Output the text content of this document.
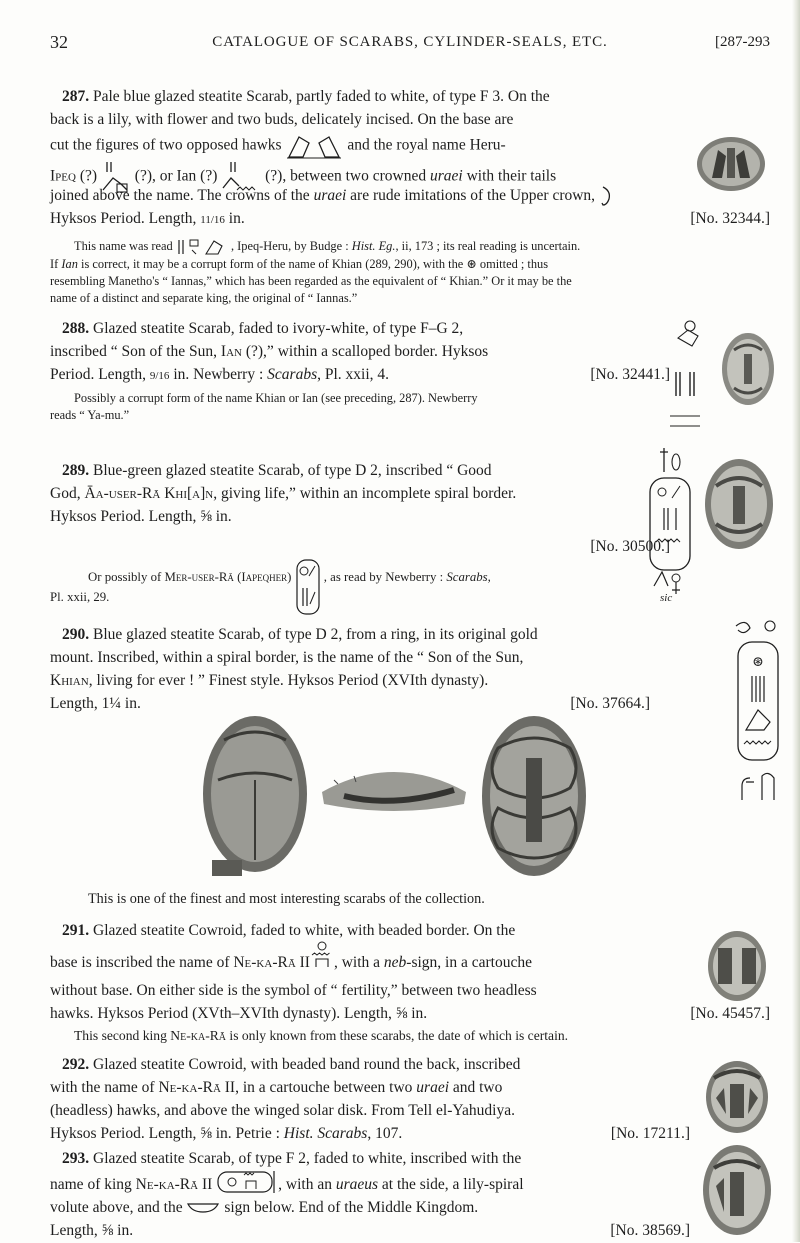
32	CATALOGUE OF SCARABS, CYLINDER-SEALS, ETC.	[287-293
287. Pale blue glazed steatite Scarab, partly faded to white, of type F 3. On the
back is a lily, with flower and two buds, delicately incised. On the base are
cut the figures of two opposed hawks	and the royal name Heru-
Ipeq (?) (?), or Ian (?)	(?), between two crowned uraei with their tails
joined above the name. The crowns of the uraei are rude imitations of the Upper crown,
Hyksos Period. Length, 11/16 in.	[No. 32344.]
This name was read	, Ipeq-Heru, by Budge : Hist. Eg., ii, 173 ; its real reading is uncertain.
If Ian is correct, it may be a corrupt form of the name of Khian (289, 290), with the ⊛ omitted ; thus
resembling Manetho's “ Iannas,” which has been regarded as the equivalent of “ Khian.” Or it may be the
name of a distinct and separate king, the original of “ Iannas.”
288. Glazed steatite Scarab, faded to ivory-white, of type F–G 2,
inscribed “ Son of the Sun, Ian (?),” within a scalloped border. Hyksos
Period. Length, 9/16 in. Newberry : Scarabs, Pl. xxii, 4.	[No. 32441.]
Possibly a corrupt form of the name Khian or Ian (see preceding, 287). Newberry
reads “ Ya-mu.”
289. Blue-green glazed steatite Scarab, of type D 2, inscribed “ Good
God, Āa-user-Rā Khi[a]n, giving life,” within an incomplete spiral border.
Hyksos Period. Length, ⅝ in.
[No. 30500.]
Or possibly of Mer-user-Rā (Iapeqher)	, as read by Newberry : Scarabs,
Pl. xxii, 29.	sic
290. Blue glazed steatite Scarab, of type D 2, from a ring, in its original gold
mount. Inscribed, within a spiral border, is the name of the “ Son of the Sun,
Khian, living for ever ! ” Finest style. Hyksos Period (XVIth dynasty).
Length, 1¼ in.	[No. 37664.]
⊛
This is one of the finest and most interesting scarabs of the collection.
291. Glazed steatite Cowroid, faded to white, with beaded border. On the
base is inscribed the name of Ne-ka-Rā II , with a neb-sign, in a cartouche
without base. On either side is the symbol of “ fertility,” between two headless
hawks. Hyksos Period (XVth–XVIth dynasty). Length, ⅝ in.	[No. 45457.]
This second king Ne-ka-Rā is only known from these scarabs, the date of which is certain.
292. Glazed steatite Cowroid, with beaded band round the back, inscribed
with the name of Ne-ka-Rā II, in a cartouche between two uraei and two
(headless) hawks, and above the winged solar disk. From Tell el-Yahudiya.
Hyksos Period. Length, ⅝ in. Petrie : Hist. Scarabs, 107.	[No. 17211.]
293. Glazed steatite Scarab, of type F 2, faded to white, inscribed with the
name of king Ne-ka-Rā II	, with an uraeus at the side, a lily-spiral
volute above, and the	sign below. End of the Middle Kingdom.
Length, ⅝ in.	[No. 38569.]
